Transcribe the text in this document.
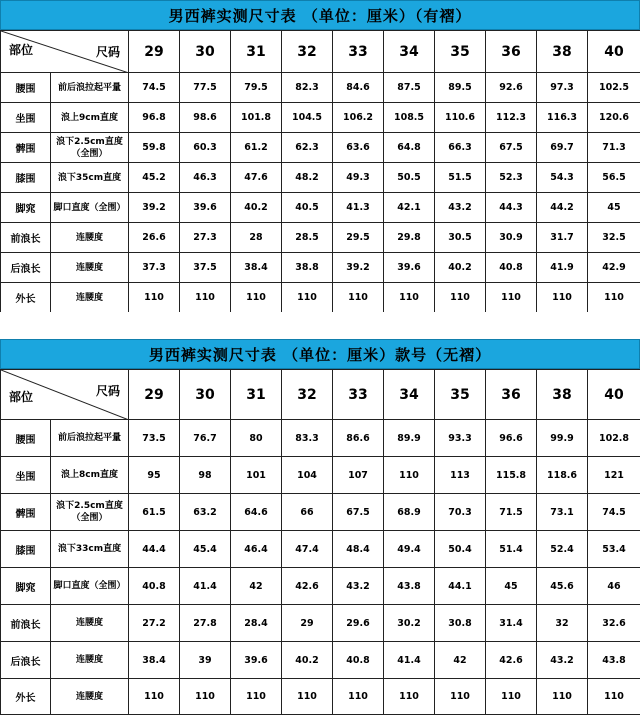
男西裤实测尺寸表 （单位：厘米）（有褶）
部位 尺码		29	30	31	32	33	34	35	36	38	40
腰围	前后浪拉起平量	74.5	77.5	79.5	82.3	84.6	87.5	89.5	92.6	97.3	102.5
坐围	浪上9cm直度	96.8	98.6	101.8	104.5	106.2	108.5	110.6	112.3	116.3	120.6
髀围	浪下2.5cm直度（全围）	59.8	60.3	61.2	62.3	63.6	64.8	66.3	67.5	69.7	71.3
膝围	浪下35cm直度	45.2	46.3	47.6	48.2	49.3	50.5	51.5	52.3	54.3	56.5
脚窕	脚口直度（全围）	39.2	39.6	40.2	40.5	41.3	42.1	43.2	44.3	44.2	45
前浪长	连腰度	26.6	27.3	28	28.5	29.5	29.8	30.5	30.9	31.7	32.5
后浪长	连腰度	37.3	37.5	38.4	38.8	39.2	39.6	40.2	40.8	41.9	42.9
外长	连腰度	110	110	110	110	110	110	110	110	110	110
男西裤实测尺寸表 （单位：厘米）款号（无褶）
部位 尺码		29	30	31	32	33	34	35	36	38	40
腰围	前后浪拉起平量	73.5	76.7	80	83.3	86.6	89.9	93.3	96.6	99.9	102.8
坐围	浪上8cm直度	95	98	101	104	107	110	113	115.8	118.6	121
髀围	浪下2.5cm直度（全围）	61.5	63.2	64.6	66	67.5	68.9	70.3	71.5	73.1	74.5
膝围	浪下33cm直度	44.4	45.4	46.4	47.4	48.4	49.4	50.4	51.4	52.4	53.4
脚窕	脚口直度（全围）	40.8	41.4	42	42.6	43.2	43.8	44.1	45	45.6	46
前浪长	连腰度	27.2	27.8	28.4	29	29.6	30.2	30.8	31.4	32	32.6
后浪长	连腰度	38.4	39	39.6	40.2	40.8	41.4	42	42.6	43.2	43.8
外长	连腰度	110	110	110	110	110	110	110	110	110	110
